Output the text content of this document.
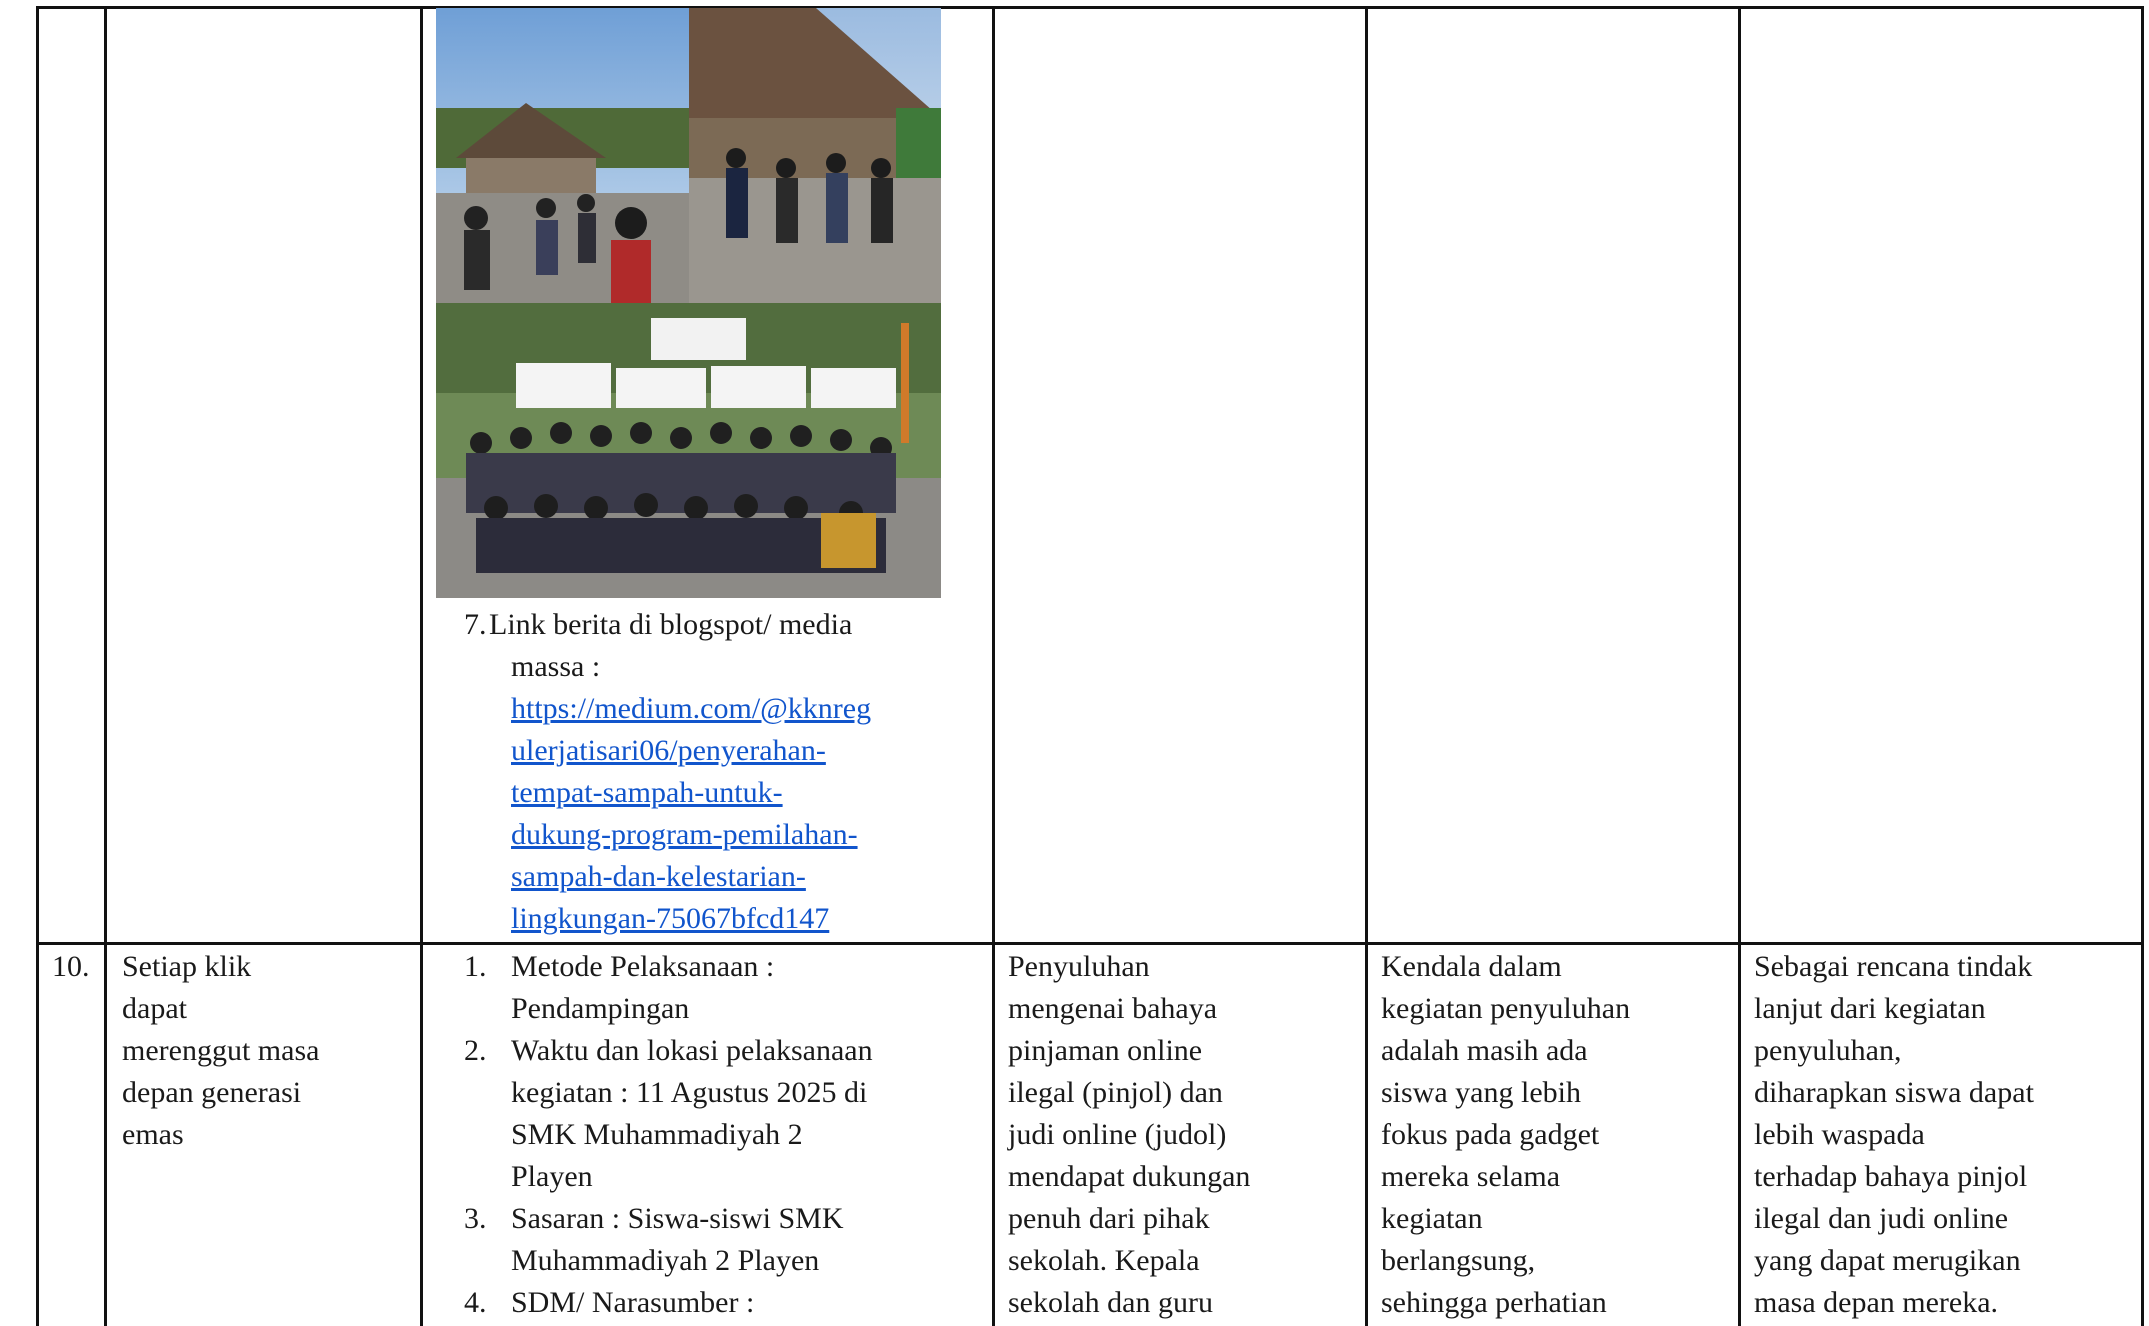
7. Link berita di blogspot/ media

massa :

https://medium.com/@kknreg

ulerjatisari06/penyerahan-

tempat-sampah-untuk-

dukung-program-pemilahan-

sampah-dan-kelestarian-

lingkungan-75067bfcd147

10. Setiap klik

dapat

merenggut masa

depan generasi

emas

1. Metode Pelaksanaan :

Pendampingan

2. Waktu dan lokasi pelaksanaan

kegiatan : 11 Agustus 2025 di

SMK Muhammadiyah 2

Playen

3. Sasaran : Siswa-siswi SMK

Muhammadiyah 2 Playen

4. SDM/ Narasumber :

Penyuluhan

mengenai bahaya

pinjaman online

ilegal (pinjol) dan

judi online (judol)

mendapat dukungan

penuh dari pihak

sekolah. Kepala

sekolah dan guru

Kendala dalam

kegiatan penyuluhan

adalah masih ada

siswa yang lebih

fokus pada gadget

mereka selama

kegiatan

berlangsung,

sehingga perhatian

Sebagai rencana tindak

lanjut dari kegiatan

penyuluhan,

diharapkan siswa dapat

lebih waspada

terhadap bahaya pinjol

ilegal dan judi online

yang dapat merugikan

masa depan mereka.
